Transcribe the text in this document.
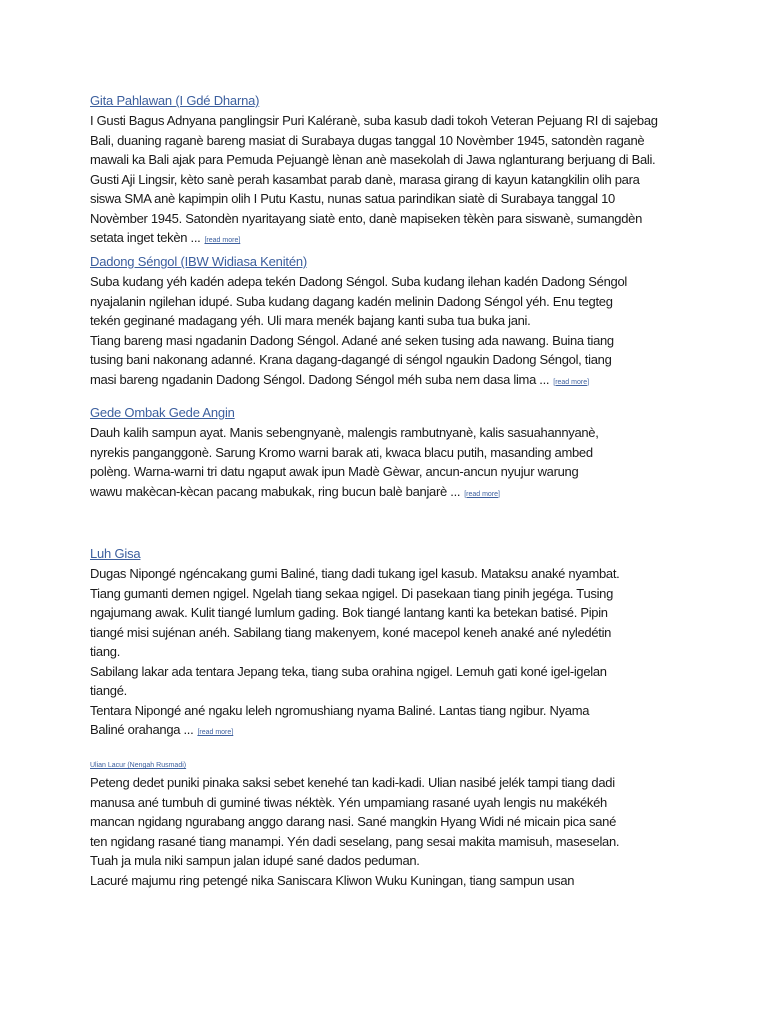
Gita Pahlawan (I Gdé Dharna)
I Gusti Bagus Adnyana panglingsir Puri Kaléranè, suba kasub dadi tokoh Veteran Pejuang RI di sajebag
Bali, duaning raganè bareng masiat di Surabaya dugas tanggal 10 Novèmber 1945, satondèn raganè
mawali ka Bali ajak para Pemuda Pejuangè lènan anè masekolah di Jawa nglanturang berjuang di Bali.
Gusti Aji Lingsir, kèto sanè perah kasambat parab danè, marasa girang di kayun katangkilin olih para
siswa SMA anè kapimpin olih I Putu Kastu, nunas satua parindikan siatè di Surabaya tanggal 10
Novèmber 1945. Satondèn nyaritayang siatè ento, danè mapiseken tèkèn para siswanè, sumangdèn
setata inget tekèn ... [read more]
Dadong Séngol (IBW Widiasa Kenitén)
Suba kudang yéh kadén adepa tekén Dadong Séngol. Suba kudang ilehan kadén Dadong Séngol
nyajalanin ngilehan idupé. Suba kudang dagang kadén melinin Dadong Séngol yéh. Enu tegteg
tekén geginané madagang yéh. Uli mara menék bajang kanti suba tua buka jani.
Tiang bareng masi ngadanin Dadong Séngol. Adané ané seken tusing ada nawang. Buina tiang
tusing bani nakonang adanné. Krana dagang-dagangé di séngol ngaukin Dadong Séngol, tiang
masi bareng ngadanin Dadong Séngol. Dadong Séngol méh suba nem dasa lima ... [read more]
Gede Ombak Gede Angin
Dauh kalih sampun ayat. Manis sebengnyanè, malengis rambutnyanè, kalis sasuahannyanè,
nyrekis panganggonè. Sarung Kromo warni barak ati, kwaca blacu putih, masanding ambed
polèng. Warna-warni tri datu ngaput awak ipun Madè Gèwar, ancun-ancun nyujur warung
wawu makècan-kècan pacang mabukak, ring bucun balè banjarè ... [read more]
Luh Gisa
Dugas Nipongé ngéncakang gumi Baliné, tiang dadi tukang igel kasub. Mataksu anaké nyambat.
Tiang gumanti demen ngigel. Ngelah tiang sekaa ngigel. Di pasekaan tiang pinih jegéga. Tusing
ngajumang awak. Kulit tiangé lumlum gading. Bok tiangé lantang kanti ka betekan batisé. Pipin
tiangé misi sujénan anéh. Sabilang tiang makenyem, koné macepol keneh anaké ané nyledétin
tiang.
Sabilang lakar ada tentara Jepang teka, tiang suba orahina ngigel. Lemuh gati koné igel-igelan
tiangé.
Tentara Nipongé ané ngaku leleh ngromushiang nyama Baliné. Lantas tiang ngibur. Nyama
Baliné orahanga ... [read more]
Ulian Lacur (Nengah Rusmadi)
Peteng dedet puniki pinaka saksi sebet kenehé tan kadi-kadi. Ulian nasibé jelék tampi tiang dadi
manusa ané tumbuh di guminé tiwas néktèk. Yén umpamiang rasané uyah lengis nu makékéh
mancan ngidang ngurabang anggo darang nasi. Sané mangkin Hyang Widi né micain pica sané
ten ngidang rasané tiang manampi. Yén dadi seselang, pang sesai makita mamisuh, maseselan.
Tuah ja mula niki sampun jalan idupé sané dados peduman.
Lacuré majumu ring petengé nika Saniscara Kliwon Wuku Kuningan, tiang sampun usan
